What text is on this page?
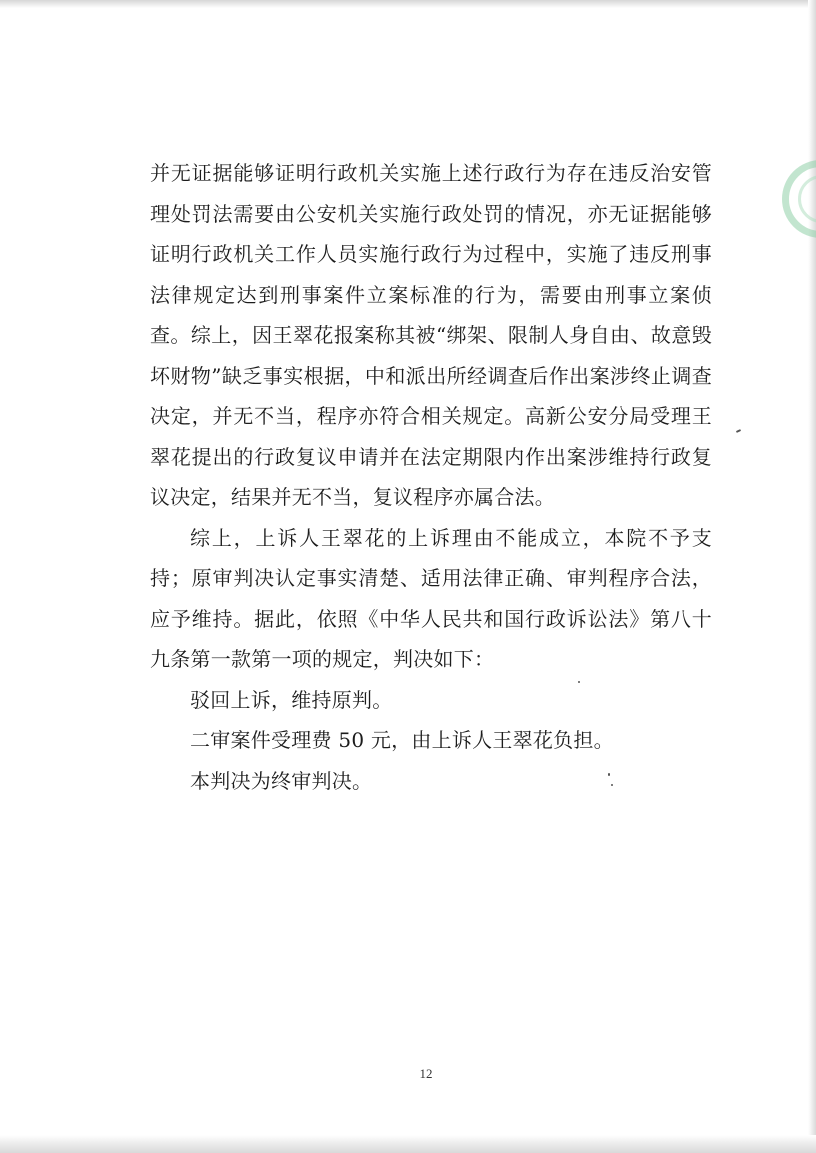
并无证据能够证明行政机关实施上述行政行为存在违反治安管理处罚法需要由公安机关实施行政处罚的情况，亦无证据能够证明行政机关工作人员实施行政行为过程中，实施了违反刑事法律规定达到刑事案件立案标准的行为，需要由刑事立案侦查。综上，因王翠花报案称其被“绑架、限制人身自由、故意毁坏财物”缺乏事实根据，中和派出所经调查后作出案涉终止调查决定，并无不当，程序亦符合相关规定。高新公安分局受理王翠花提出的行政复议申请并在法定期限内作出案涉维持行政复议决定，结果并无不当，复议程序亦属合法。

综上，上诉人王翠花的上诉理由不能成立，本院不予支持；原审判决认定事实清楚、适用法律正确、审判程序合法，应予维持。据此，依照《中华人民共和国行政诉讼法》第八十九条第一款第一项的规定，判决如下：

驳回上诉，维持原判。

二审案件受理费 50 元，由上诉人王翠花负担。

本判决为终审判决。

12
